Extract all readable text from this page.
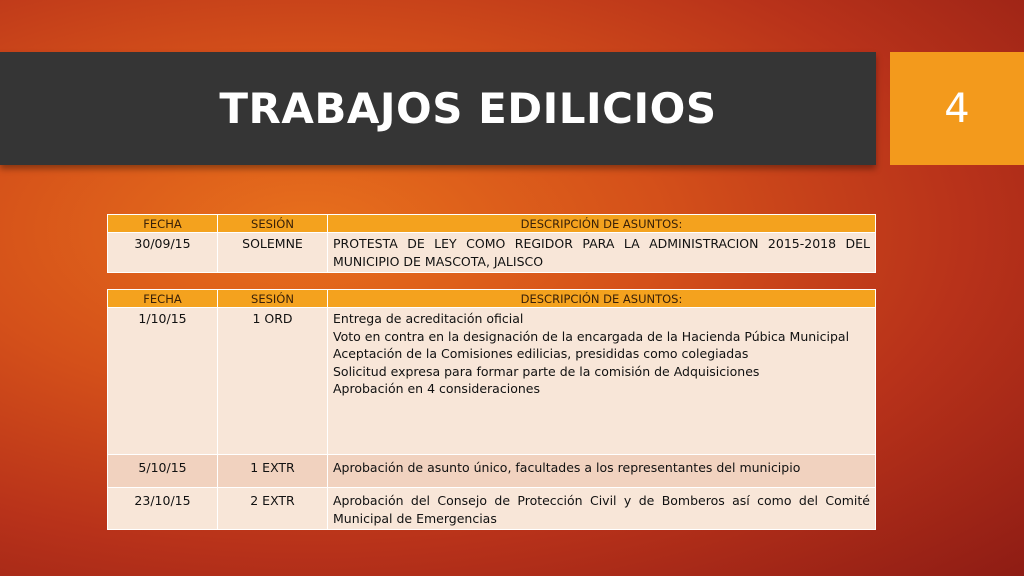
TRABAJOS EDILICIOS	4
FECHA	SESIÓN	DESCRIPCIÓN DE ASUNTOS:
30/09/15	SOLEMNE	PROTESTA DE LEY COMO REGIDOR PARA LA ADMINISTRACION 2015-2018 DEL MUNICIPIO DE MASCOTA, JALISCO
FECHA	SESIÓN	DESCRIPCIÓN DE ASUNTOS:
1/10/15	1 ORD	Entrega de acreditación oficial
Voto en contra en la designación de la encargada de la Hacienda Púbica Municipal
Aceptación de la Comisiones edilicias, presididas como colegiadas
Solicitud expresa para formar parte de la comisión de Adquisiciones
Aprobación en 4 consideraciones

5/10/15	1 EXTR	Aprobación de asunto único, facultades a los representantes del municipio
23/10/15	2 EXTR	Aprobación del Consejo de Protección Civil y de Bomberos así como del Comité Municipal de Emergencias
